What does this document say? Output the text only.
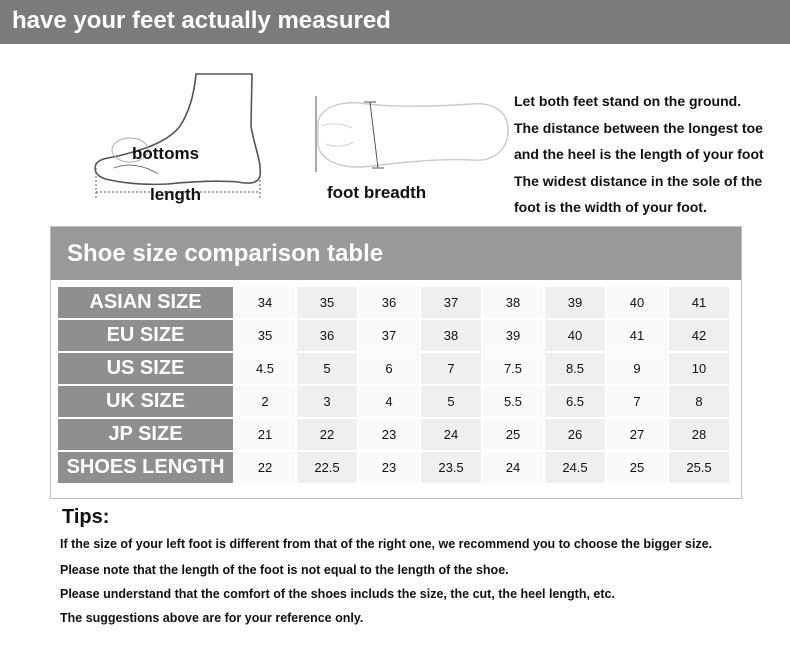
have your feet actually measured
bottoms
length	foot breadth
Let both feet stand on the ground.
The distance between the longest toe
and the heel is the length of your foot
The widest distance in the sole of the
foot is the width of your foot.
Shoe size comparison table
ASIAN SIZE	34	35	36	37	38	39	40	41
EU SIZE	35	36	37	38	39	40	41	42
US SIZE	4.5	5	6	7	7.5	8.5	9	10
UK SIZE	2	3	4	5	5.5	6.5	7	8
JP SIZE	21	22	23	24	25	26	27	28
SHOES LENGTH	22	22.5	23	23.5	24	24.5	25	25.5
Tips:
If the size of your left foot is different from that of the right one, we recommend you to choose the bigger size.
Please note that the length of the foot is not equal to the length of the shoe.
Please understand that the comfort of the shoes includs the size, the cut, the heel length, etc.
The suggestions above are for your reference only.
